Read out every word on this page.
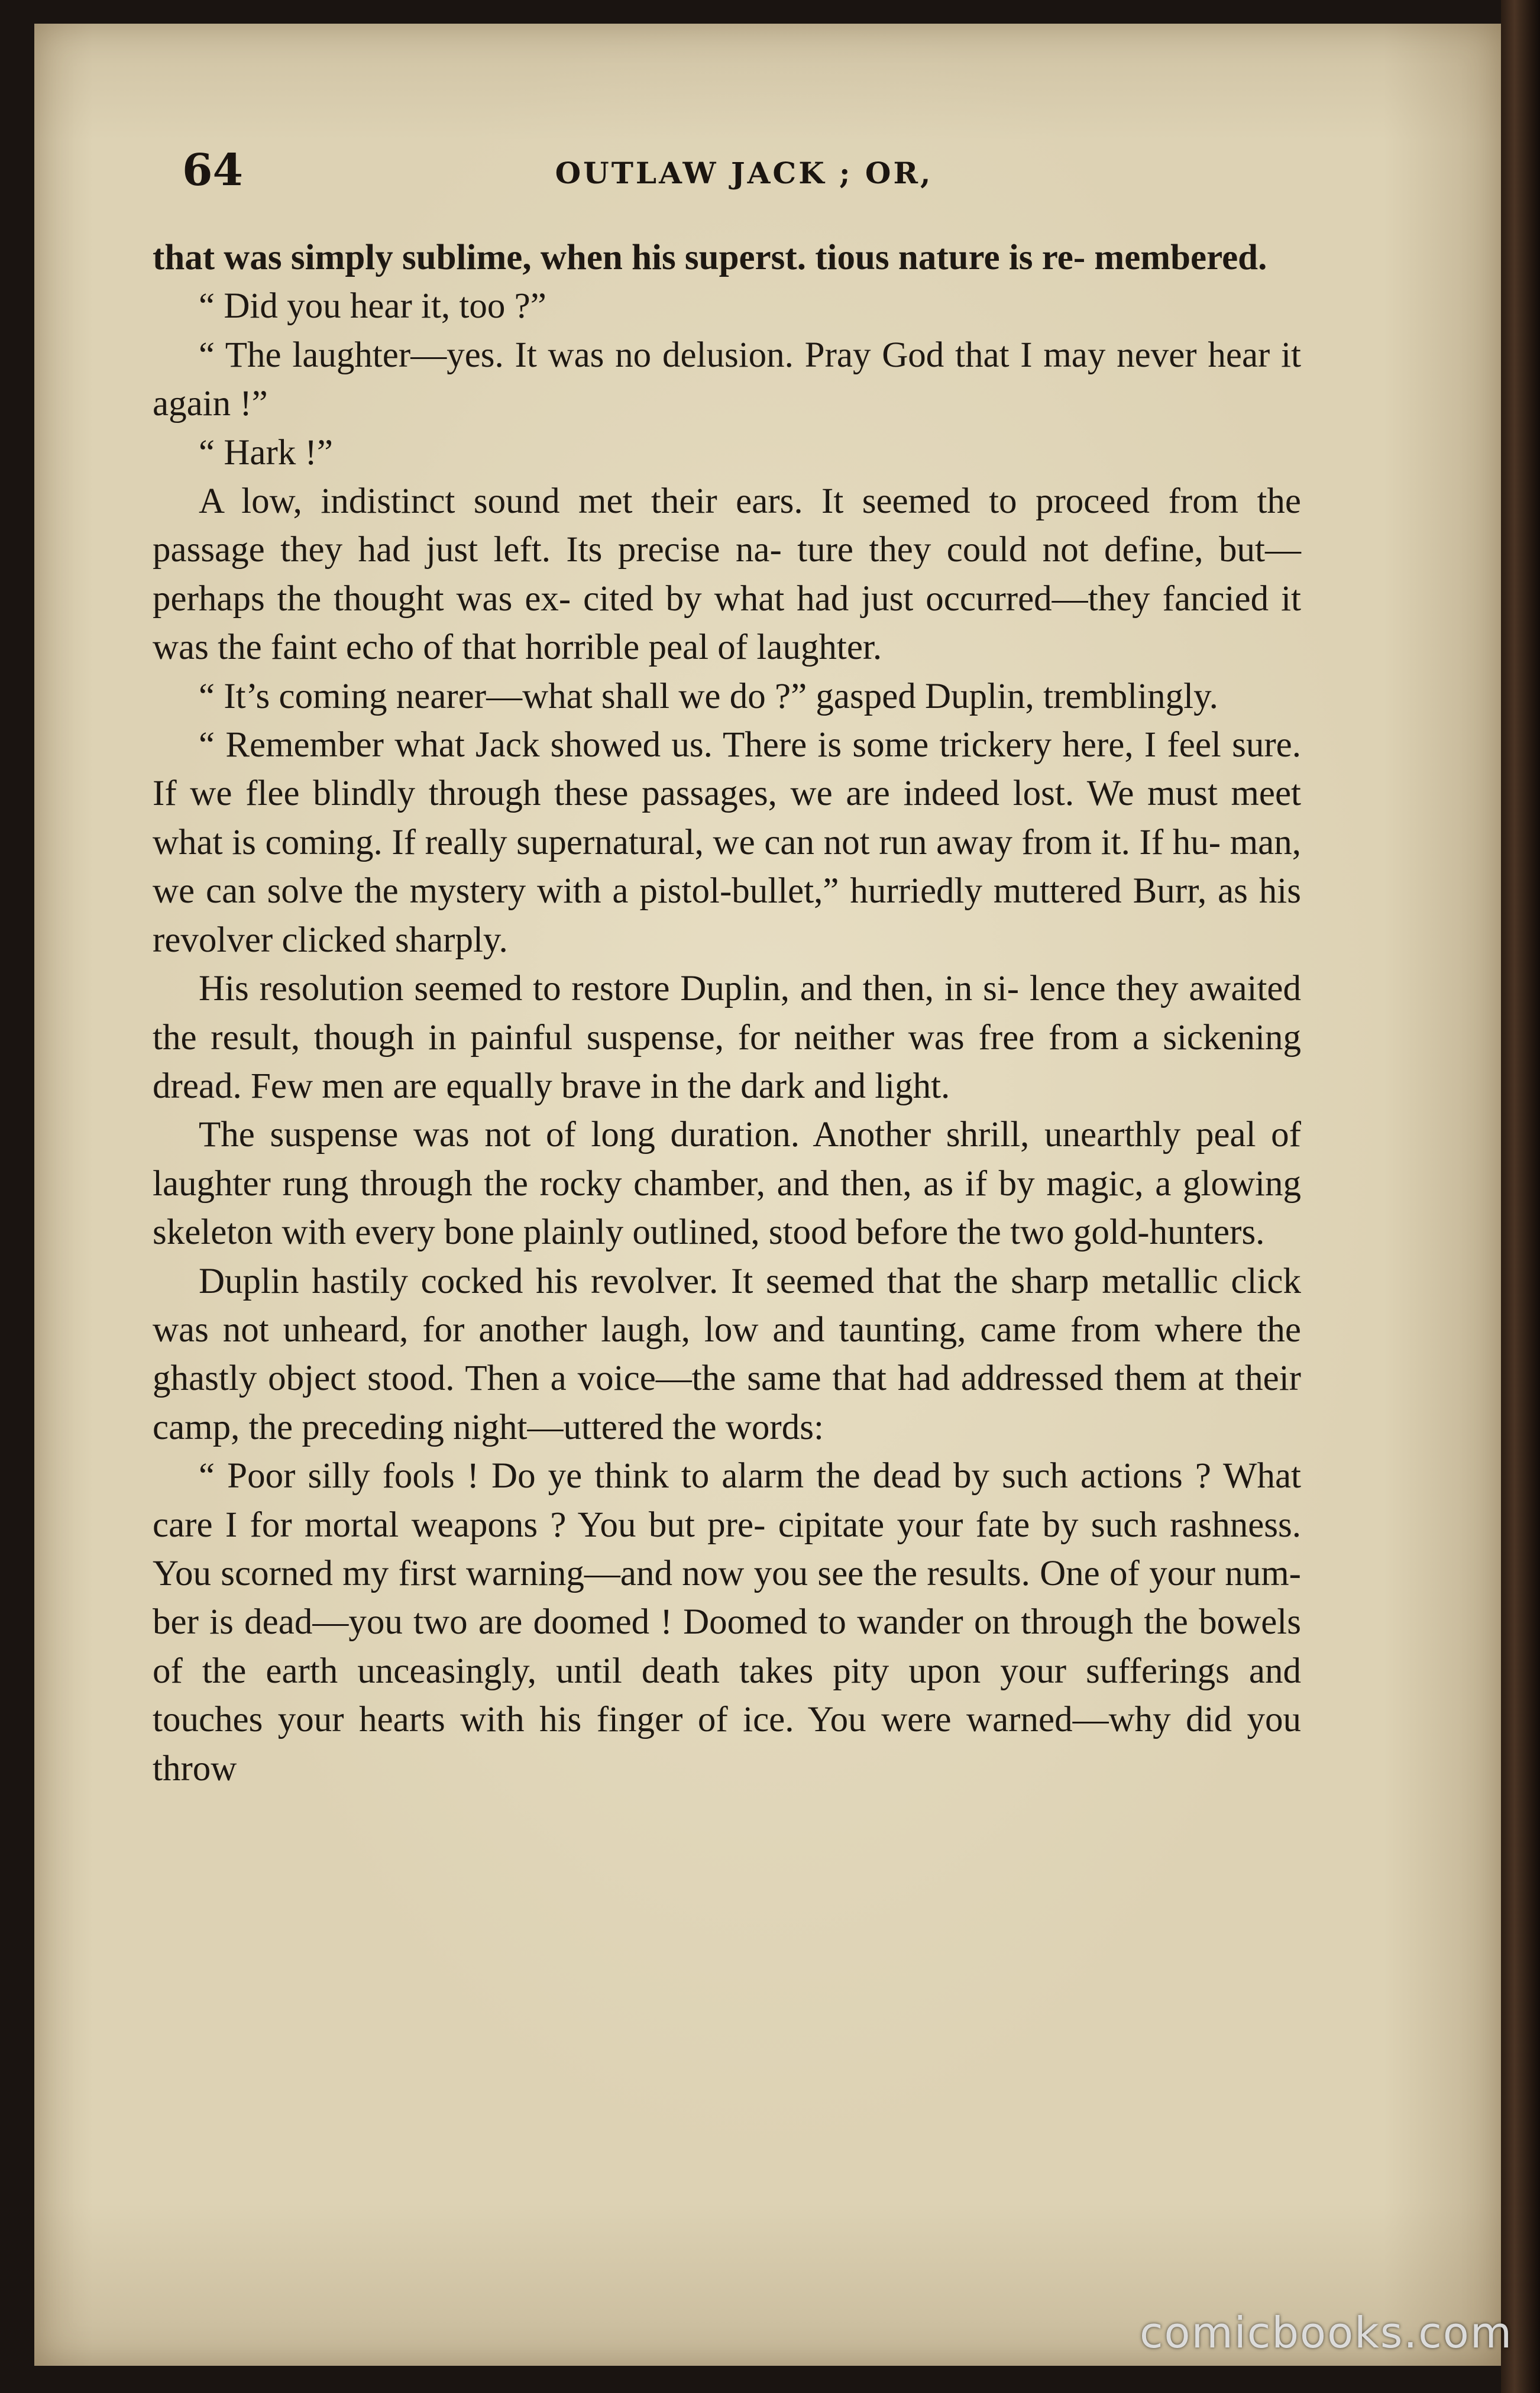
64	OUTLAW JACK ; OR,

that was simply sublime, when his superst. tious nature is re- membered.

“ Did you hear it, too ?”

“ The laughter—yes. It was no delusion. Pray God that I may never hear it again !”

“ Hark !”

A low, indistinct sound met their ears. It seemed to proceed from the passage they had just left. Its precise na- ture they could not define, but—perhaps the thought was ex- cited by what had just occurred—they fancied it was the faint echo of that horrible peal of laughter.

“ It’s coming nearer—what shall we do ?” gasped Duplin, tremblingly.

“ Remember what Jack showed us. There is some trickery here, I feel sure. If we flee blindly through these passages, we are indeed lost. We must meet what is coming. If really supernatural, we can not run away from it. If hu- man, we can solve the mystery with a pistol-bullet,” hurriedly muttered Burr, as his revolver clicked sharply.

His resolution seemed to restore Duplin, and then, in si- lence they awaited the result, though in painful suspense, for neither was free from a sickening dread. Few men are equally brave in the dark and light.

The suspense was not of long duration. Another shrill, unearthly peal of laughter rung through the rocky chamber, and then, as if by magic, a glowing skeleton with every bone plainly outlined, stood before the two gold-hunters.

Duplin hastily cocked his revolver. It seemed that the sharp metallic click was not unheard, for another laugh, low and taunting, came from where the ghastly object stood. Then a voice—the same that had addressed them at their camp, the preceding night—uttered the words:

“ Poor silly fools ! Do ye think to alarm the dead by such actions ? What care I for mortal weapons ? You but pre- cipitate your fate by such rashness. You scorned my first warning—and now you see the results. One of your num- ber is dead—you two are doomed ! Doomed to wander on through the bowels of the earth unceasingly, until death takes pity upon your sufferings and touches your hearts with his finger of ice. You were warned—why did you throw

comicbooks.com
